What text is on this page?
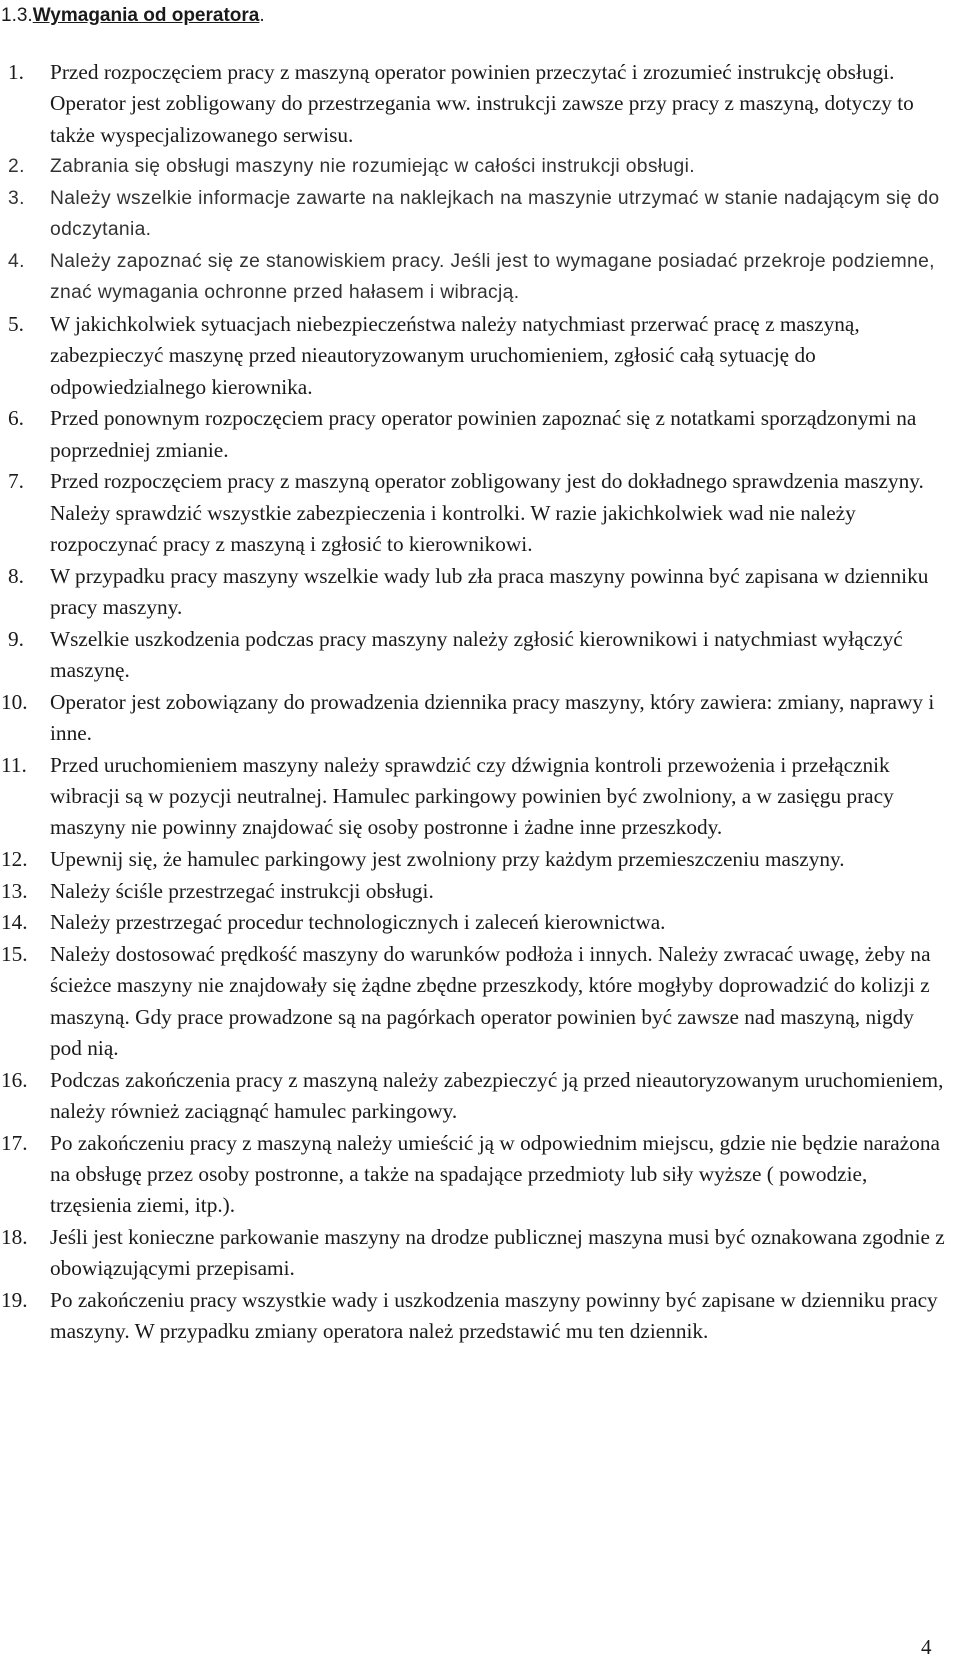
1.3.Wymagania od operatora.
1. Przed rozpoczęciem pracy z maszyną operator powinien przeczytać i zrozumieć instrukcję obsługi. Operator jest zobligowany do przestrzegania ww. instrukcji zawsze przy pracy z maszyną, dotyczy to także wyspecjalizowanego serwisu.
2. Zabrania się obsługi maszyny nie rozumiejąc w całości instrukcji obsługi.
3. Należy wszelkie informacje zawarte na naklejkach na maszynie utrzymać w stanie nadającym się do odczytania.
4. Należy zapoznać się ze stanowiskiem pracy. Jeśli jest to wymagane posiadać przekroje podziemne, znać wymagania ochronne przed hałasem i wibracją.
5. W jakichkolwiek sytuacjach niebezpieczeństwa należy natychmiast przerwać pracę z maszyną, zabezpieczyć maszynę przed nieautoryzowanym uruchomieniem, zgłosić całą sytuację do odpowiedzialnego kierownika.
6. Przed ponownym rozpoczęciem pracy operator powinien zapoznać się z notatkami sporządzonymi na poprzedniej zmianie.
7. Przed rozpoczęciem pracy z maszyną operator zobligowany jest do dokładnego sprawdzenia maszyny. Należy sprawdzić wszystkie zabezpieczenia i kontrolki. W razie jakichkolwiek wad nie należy rozpoczynać pracy z maszyną i zgłosić to kierownikowi.
8. W przypadku pracy maszyny wszelkie wady lub zła praca maszyny powinna być zapisana w dzienniku pracy maszyny.
9. Wszelkie uszkodzenia podczas pracy maszyny należy zgłosić kierownikowi i natychmiast wyłączyć maszynę.
10. Operator jest zobowiązany do prowadzenia dziennika pracy maszyny, który zawiera: zmiany, naprawy i inne.
11. Przed uruchomieniem maszyny należy sprawdzić czy dźwignia kontroli przewożenia i przełącznik wibracji są w pozycji neutralnej. Hamulec parkingowy powinien być zwolniony, a w zasięgu pracy maszyny nie powinny znajdować się osoby postronne i żadne inne przeszkody.
12. Upewnij się, że hamulec parkingowy jest zwolniony przy każdym przemieszczeniu maszyny.
13. Należy ściśle przestrzegać instrukcji obsługi.
14. Należy przestrzegać procedur technologicznych i zaleceń kierownictwa.
15. Należy dostosować prędkość maszyny do warunków podłoża i innych. Należy zwracać uwagę, żeby na ścieżce maszyny nie znajdowały się żądne zbędne przeszkody, które mogłyby doprowadzić do kolizji z maszyną. Gdy prace prowadzone są na pagórkach operator powinien być zawsze nad maszyną, nigdy pod nią.
16. Podczas zakończenia pracy z maszyną należy zabezpieczyć ją przed nieautoryzowanym uruchomieniem, należy również zaciągnąć hamulec parkingowy.
17. Po zakończeniu pracy z maszyną należy umieścić ją w odpowiednim miejscu, gdzie nie będzie narażona na obsługę przez osoby postronne, a także na spadające przedmioty lub siły wyższe ( powodzie, trzęsienia ziemi, itp.).
18. Jeśli jest konieczne parkowanie maszyny na drodze publicznej maszyna musi być oznakowana zgodnie z obowiązującymi przepisami.
19. Po zakończeniu pracy wszystkie wady i uszkodzenia maszyny powinny być zapisane w dzienniku pracy maszyny. W przypadku zmiany operatora należ przedstawić mu ten dziennik.
4
